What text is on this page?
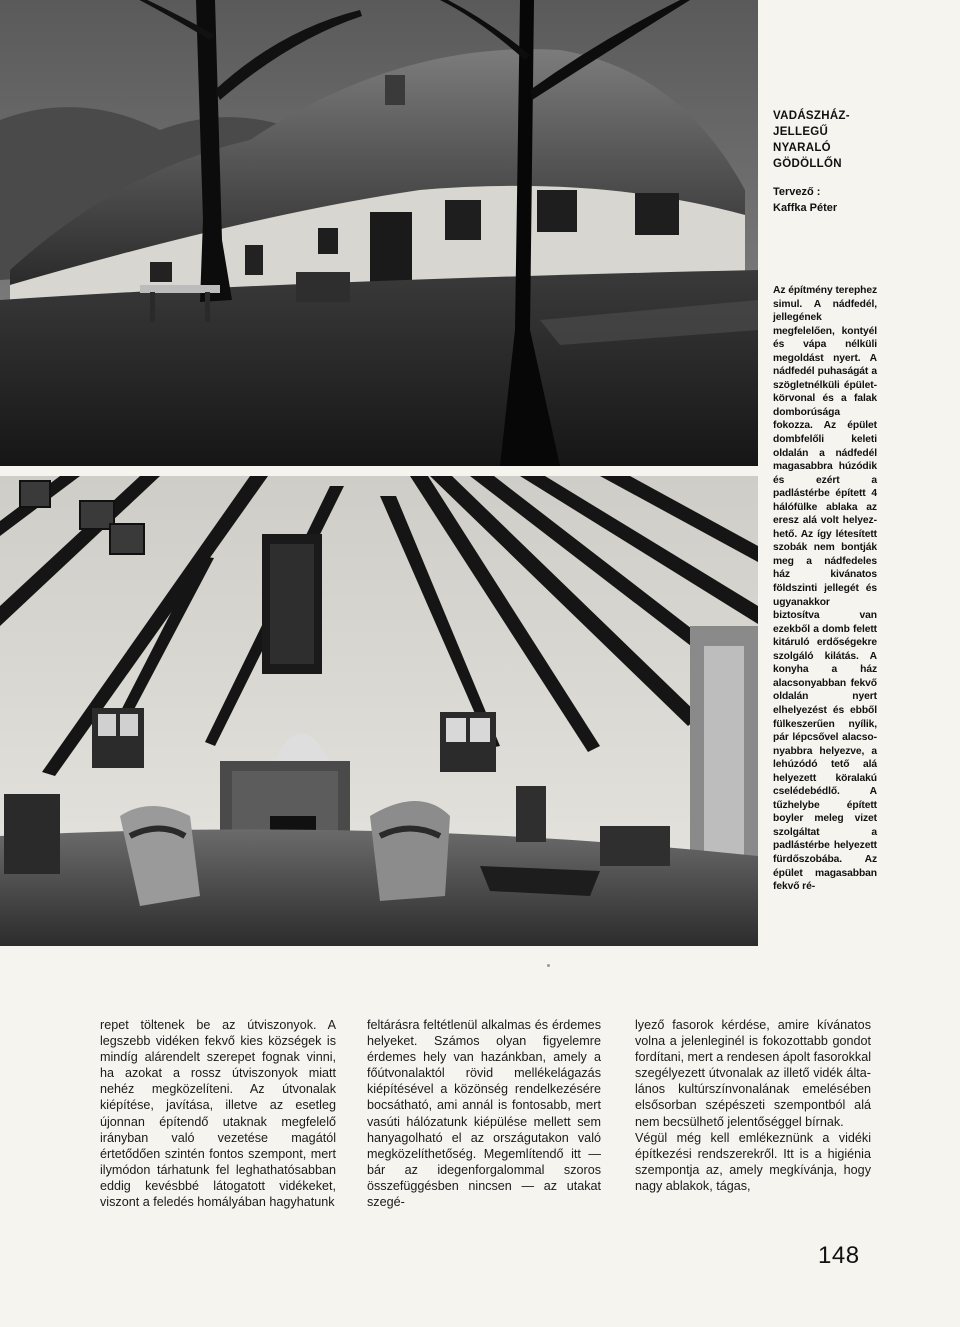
VADÁSZHÁZ-

JELLEGŰ

NYARALÓ

GÖDÖLLŐN

Tervező :
Kaffka Péter
Az építmény terephez simul. A nádfedél, jellegének megfelelően, kontyél és vápa nélküli megoldást nyert. A nádfedél puhaságát a szögletnélküli épületkörvonal és a falak domborúsága fokozza. Az épület dombfelőli keleti oldalán a nádfedél magasabbra húzódik és ezért a padlástérbe épített 4 hálófülke ablaka az eresz alá volt helyezhető. Az így létesített szobák nem bontják meg a nádfedeles ház kivánatos földszinti jellegét és ugyanakkor biztosítva van ezekből a domb felett kitáruló erdőségekre szolgáló kilátás. A konyha a ház alacsonyabban fekvő oldalán nyert elhelyezést és ebből fülkeszerűen nyílik, pár lépcsővel alacsonyabbra helyezve, a lehúzódó tető alá helyezett köralakú cselédebédlő. A tűzhelybe épített boyler meleg vizet szolgáltat a padlástérbe helyezett fürdőszobába. Az épület magasabban fekvő ré-

repet töltenek be az útviszonyok. A legszebb vidéken fekvő kies községek is mindíg alárendelt szerepet fognak vinni, ha azokat a rossz útviszonyok miatt nehéz megközelíteni. Az útvonalak kiépítése, javítása, illetve az esetleg újonnan építendő utaknak megfelelő irányban való vezetése magától értetődően szintén fontos szempont, mert ilymódon tárhatunk fel leghathatósabban eddig kevésbbé látogatott vidékeket, viszont a feledés homályában hagyhatunk

feltárásra feltétlenül alkalmas és érdemes helyeket. Számos olyan figyelemre érdemes hely van hazánkban, amely a főútvonalaktól rövid mellékelágazás kiépítésével a közönség rendelkezésére bocsátható, ami annál is fontosabb, mert vasúti hálózatunk kiépülése mellett sem hanyagolható el az országutakon való megközelíthetőség. Megemlítendő itt — bár az idegenforgalommal szoros összefüggésben nincsen — az utakat szegé-

lyező fasorok kérdése, amire kívánatos volna a jelenleginél is fokozottabb gondot fordítani, mert a rendesen ápolt fasorokkal szegélyezett útvonalak az illető vidék általános kultúrszínvonalának emelésében elsősorban szépészeti szempontból alá nem becsülhető jelentőséggel bírnak.
Végül még kell emlékeznünk a vidéki építkezési rendszerekről. Itt is a higiénia szempontja az, amely megkívánja, hogy nagy ablakok, tágas,

148
